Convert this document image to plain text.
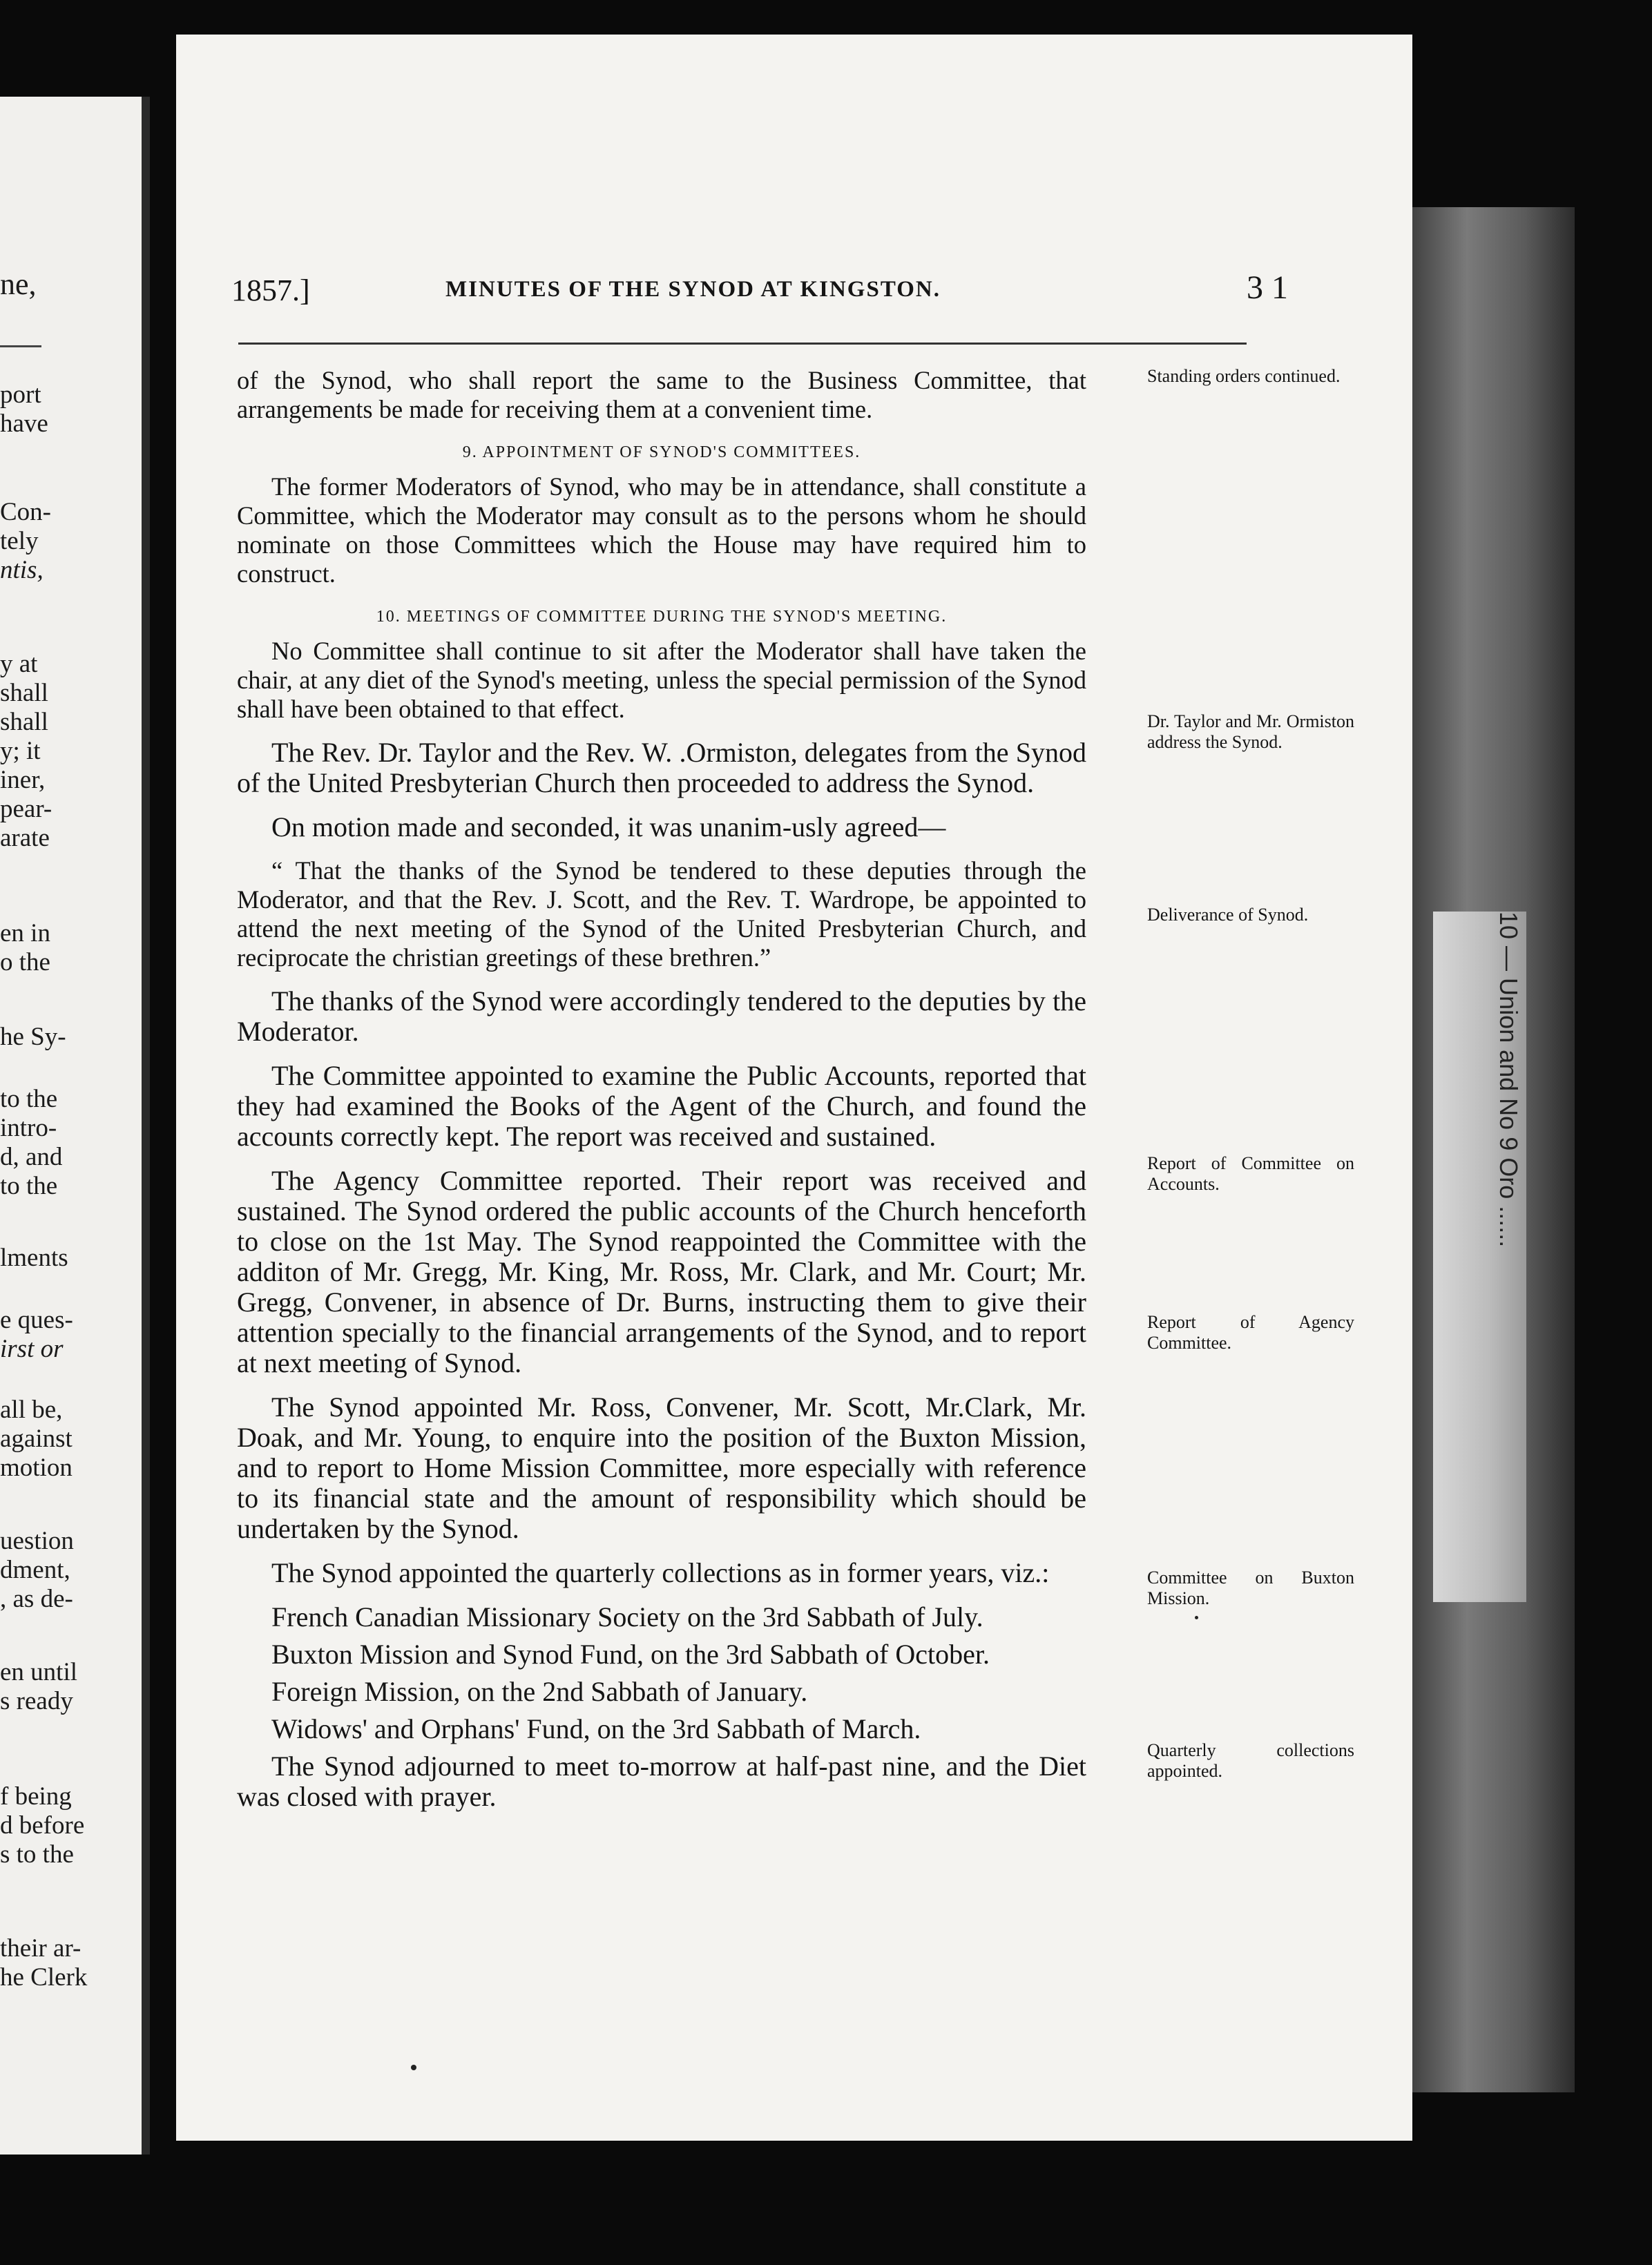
ne,
port
have
Con-
tely
ntis,
y at
shall
shall
y; it
iner,
pear-
arate
en in
o the
he Sy-
to the
intro-
d, and
to the
lments
e ques-
irst or
all be,
against
motion
uestion
dment,
, as de-
en until
s ready
f being
d before
s to the
their ar-
he Clerk
10 — Union and No 9 Oro ......
1857.]	MINUTES OF THE SYNOD AT KINGSTON.	31

of the Synod, who shall report the same to the Business Committee, that arrangements be made for receiving them at a convenient time.

9. APPOINTMENT OF SYNOD'S COMMITTEES.

The former Moderators of Synod, who may be in attendance, shall constitute a Committee, which the Moderator may consult as to the persons whom he should nominate on those Committees which the House may have required him to construct.

10. MEETINGS OF COMMITTEE DURING THE SYNOD'S MEETING.

No Committee shall continue to sit after the Moderator shall have taken the chair, at any diet of the Synod's meeting, unless the special permission of the Synod shall have been obtained to that effect.

The Rev. Dr. Taylor and the Rev. W. .Ormiston, delegates from the Synod of the United Presbyterian Church then proceeded to address the Synod.

On motion made and seconded, it was unanim-usly agreed—

“ That the thanks of the Synod be tendered to these deputies through the Moderator, and that the Rev. J. Scott, and the Rev. T. Wardrope, be appointed to attend the next meeting of the Synod of the United Presbyterian Church, and reciprocate the christian greetings of these brethren.”

The thanks of the Synod were accordingly tendered to the deputies by the Moderator.

The Committee appointed to examine the Public Accounts, reported that they had examined the Books of the Agent of the Church, and found the accounts correctly kept. The report was received and sustained.

The Agency Committee reported. Their report was received and sustained. The Synod ordered the public accounts of the Church henceforth to close on the 1st May. The Synod reappointed the Committee with the additon of Mr. Gregg, Mr. King, Mr. Ross, Mr. Clark, and Mr. Court; Mr. Gregg, Convener, in absence of Dr. Burns, instructing them to give their attention specially to the financial arrangements of the Synod, and to report at next meeting of Synod.

The Synod appointed Mr. Ross, Convener, Mr. Scott, Mr.Clark, Mr. Doak, and Mr. Young, to enquire into the position of the Buxton Mission, and to report to Home Mission Committee, more especially with reference to its financial state and the amount of responsibility which should be undertaken by the Synod.

The Synod appointed the quarterly collections as in former years, viz.:

French Canadian Missionary Society on the 3rd Sabbath of July.

Buxton Mission and Synod Fund, on the 3rd Sabbath of October.

Foreign Mission, on the 2nd Sabbath of January.

Widows' and Orphans' Fund, on the 3rd Sabbath of March.

The Synod adjourned to meet to-morrow at half-past nine, and the Diet was closed with prayer.

Standing orders continued.
Dr. Taylor and Mr. Ormiston address the Synod.
Deliverance of Synod.
Report of Committee on Accounts.
Report of Agency Committee.
Committee on Buxton Mission.
Quarterly collections appointed.
